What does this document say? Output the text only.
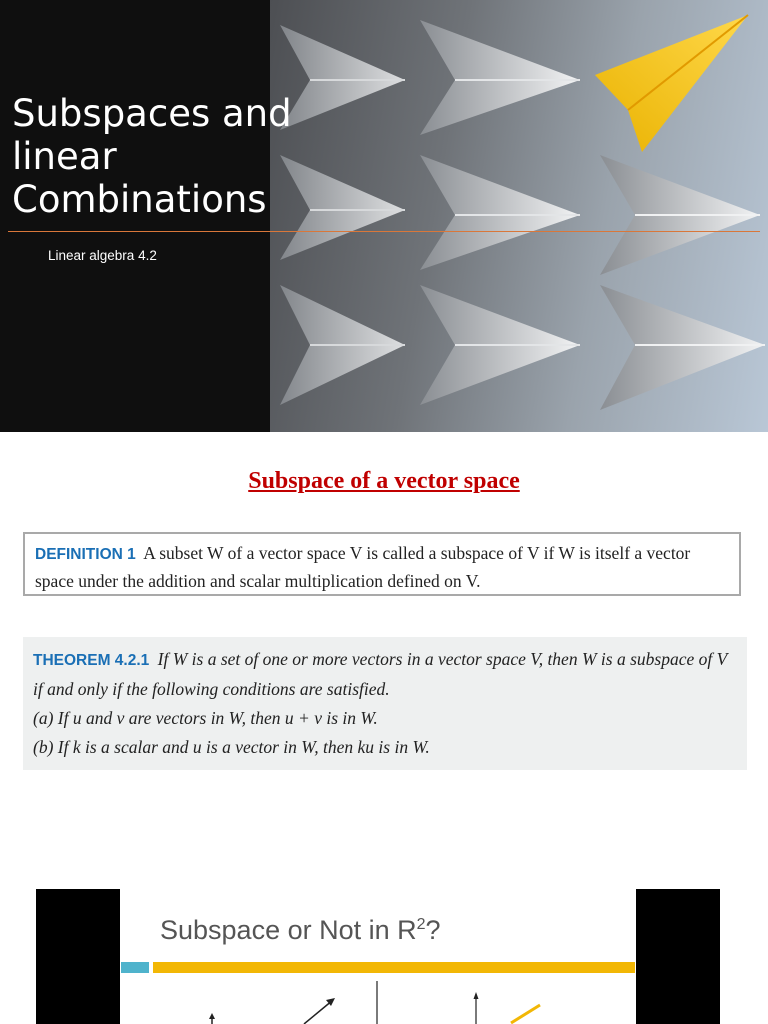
Subspaces and linear Combinations
Linear algebra 4.2
Subspace of a vector space
DEFINITION 1 A subset W of a vector space V is called a subspace of V if W is itself a vector space under the addition and scalar multiplication defined on V.

THEOREM 4.2.1 If W is a set of one or more vectors in a vector space V, then W is a subspace of V if and only if the following conditions are satisfied.

(a) If u and v are vectors in W, then u + v is in W.

(b) If k is a scalar and u is a vector in W, then ku is in W.

Subspace or Not in $R^2$?
